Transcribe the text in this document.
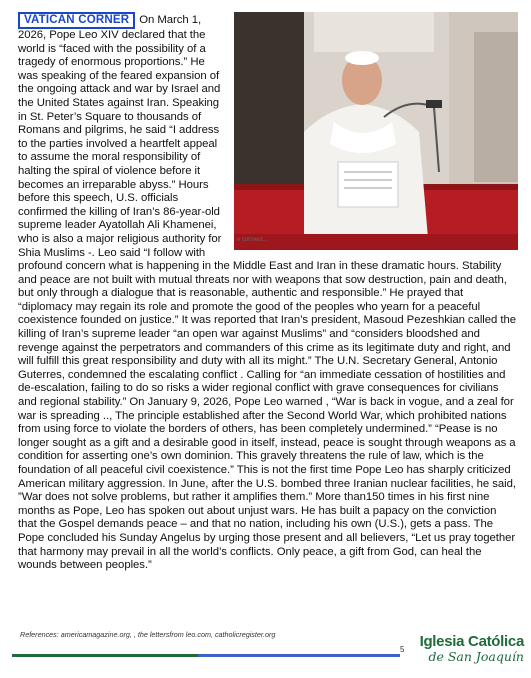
e connect...
VATICAN CORNER On March 1, 2026, Pope Leo XIV declared that the world is “faced with the possibility of a tragedy of enormous proportions.” He was speaking of the feared expansion of the ongoing attack and war by Israel and the United States against Iran. Speaking in St. Peter’s Square to thousands of Romans and pilgrims, he said “I address to the parties involved a heartfelt appeal to assume the moral responsibility of halting the spiral of violence before it becomes an irreparable abyss.” Hours before this speech, U.S. officials confirmed the killing of Iran’s 86-year-old supreme leader Ayatollah Ali Khamenei, who is also a major religious authority for Shia Muslims -. Leo said “I follow with profound concern what is happening in the Middle East and Iran in these dramatic hours. Stability and peace are not built with mutual threats nor with weapons that sow destruction, pain and death, but only through a dialogue that is reasonable, authentic and responsible.” He prayed that “diplomacy may regain its role and promote the good of the peoples who yearn for a peaceful coexistence founded on justice.” It was reported that Iran’s president, Masoud Pezeshkian called the killing of Iran’s supreme leader “an open war against Muslims” and “considers bloodshed and revenge against the perpetrators and commanders of this crime as its legitimate duty and right, and will fulfill this great responsibility and duty with all its might.” The U.N. Secretary General, Antonio Guterres, condemned the escalating conflict . Calling for “an immediate cessation of hostilities and de-escalation, failing to do so risks a wider regional conflict with grave consequences for civilians and regional stability.” On January 9, 2026, Pope Leo warned , “War is back in vogue, and a zeal for war is spreading .., The principle established after the Second World War, which prohibited nations from using force to violate the borders of others, has been completely undermined.” “Pease is no longer sought as a gift and a desirable good in itself, instead, peace is sought through weapons as a condition for asserting one’s own dominion. This gravely threatens the rule of law, which is the foundation of all peaceful civil coexistence.” This is not the first time Pope Leo has sharply criticized American military aggression. In June, after the U.S. bombed three Iranian nuclear facilities, he said, ”War does not solve problems, but rather it amplifies them.” More than150 times in his first nine months as Pope, Leo has spoken out about unjust wars. He has built a papacy on the conviction that the Gospel demands peace – and that no nation, including his own (U.S.), gets a pass. The Pope concluded his Sunday Angelus by urging those present and all believers, “Let us pray together that harmony may prevail in all the world’s conflicts. Only peace, a gift from God, can heal the wounds between peoples.”
References: americamagazine.org, , the lettersfrom leo.com, catholicregister.org
5	Iglesia Católica
de San Joaquín
